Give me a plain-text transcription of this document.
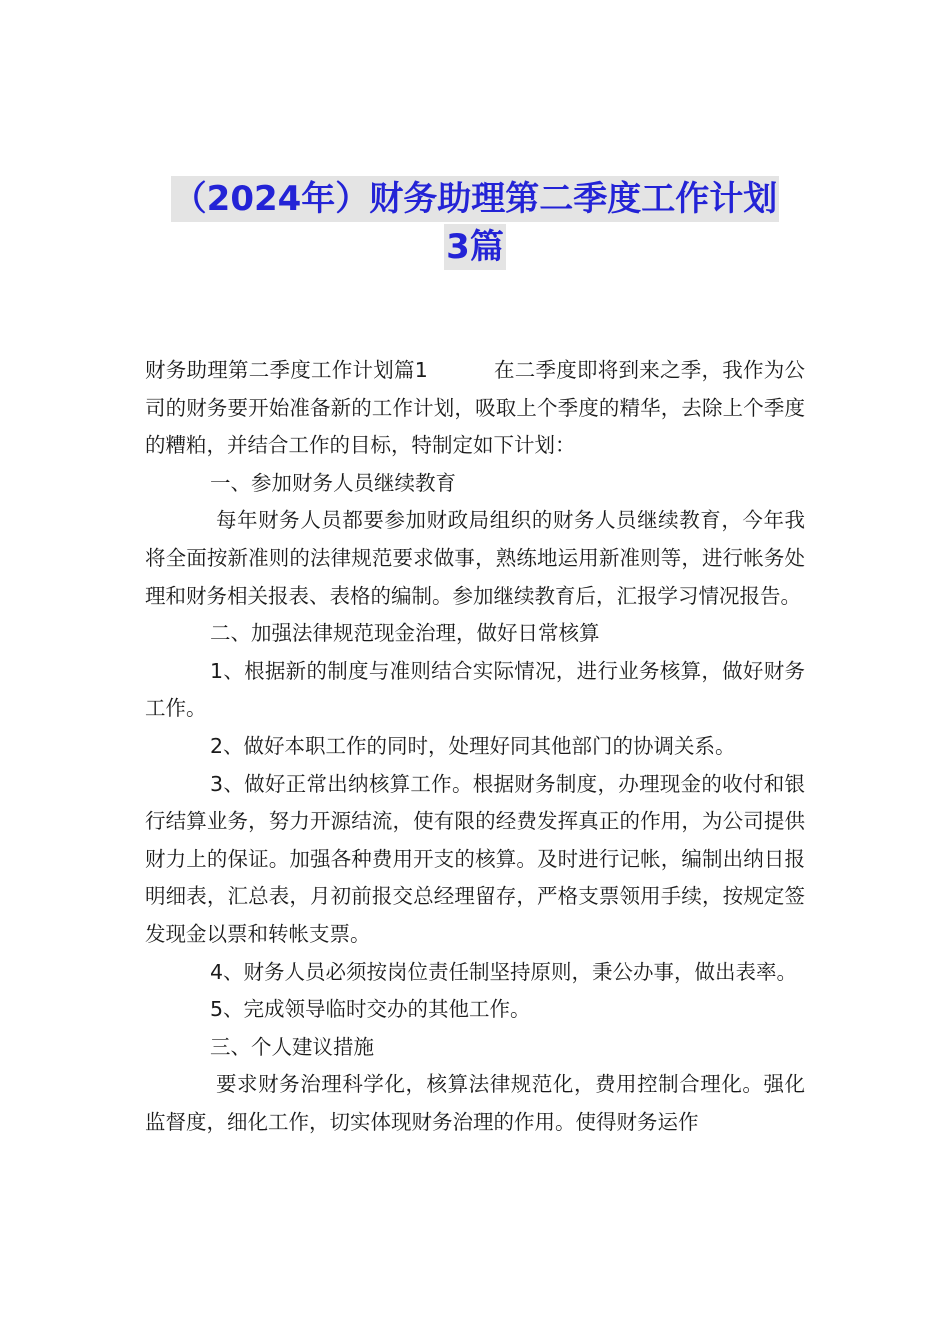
（2024年）财务助理第二季度工作计划
3篇

财务助理第二季度工作计划篇1	在二季度即将到来之季，我作为公司的财务要开始准备新的工作计划，吸取上个季度的精华，去除上个季度的糟粕，并结合工作的目标，特制定如下计划：

一、参加财务人员继续教育

每年财务人员都要参加财政局组织的财务人员继续教育，今年我将全面按新准则的法律规范要求做事，熟练地运用新准则等，进行帐务处理和财务相关报表、表格的编制。参加继续教育后，汇报学习情况报告。

二、加强法律规范现金治理，做好日常核算

1、根据新的制度与准则结合实际情况，进行业务核算，做好财务工作。

2、做好本职工作的同时，处理好同其他部门的协调关系。

3、做好正常出纳核算工作。根据财务制度，办理现金的收付和银行结算业务，努力开源结流，使有限的经费发挥真正的作用，为公司提供财力上的保证。加强各种费用开支的核算。及时进行记帐，编制出纳日报明细表，汇总表，月初前报交总经理留存，严格支票领用手续，按规定签发现金以票和转帐支票。

4、财务人员必须按岗位责任制坚持原则，秉公办事，做出表率。

5、完成领导临时交办的其他工作。

三、个人建议措施

要求财务治理科学化，核算法律规范化，费用控制合理化。强化监督度，细化工作，切实体现财务治理的作用。使得财务运作
